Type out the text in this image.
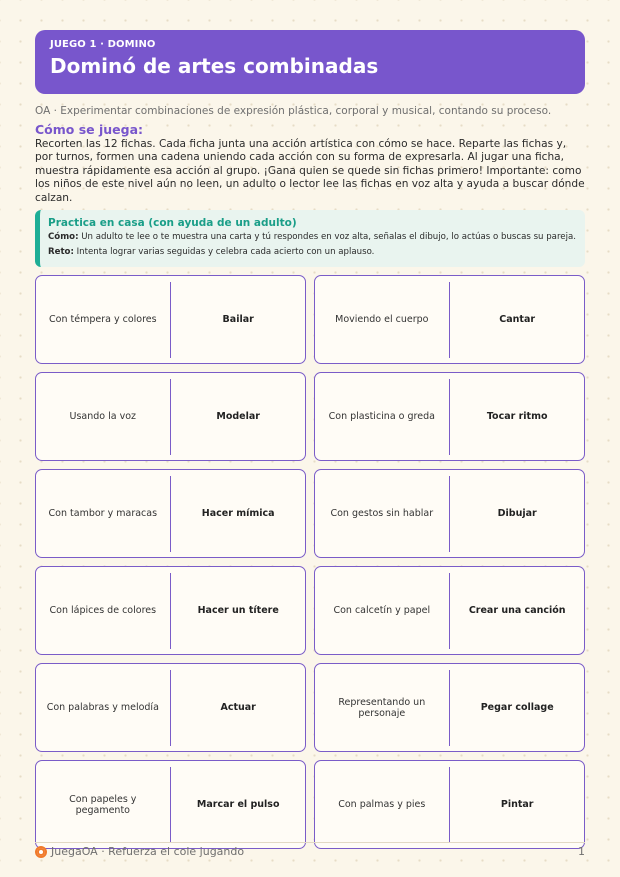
JUEGO 1 · DOMINO
Dominó de artes combinadas
OA · Experimentar combinaciones de expresión plástica, corporal y musical, contando su proceso.
Cómo se juega:
Recorten las 12 fichas. Cada ficha junta una acción artística con cómo se hace. Reparte las fichas y, por turnos, formen una cadena uniendo cada acción con su forma de expresarla. Al jugar una ficha, muestra rápidamente esa acción al grupo. ¡Gana quien se quede sin fichas primero! Importante: como los niños de este nivel aún no leen, un adulto o lector lee las fichas en voz alta y ayuda a buscar dónde calzan.
Practica en casa (con ayuda de un adulto)
Cómo: Un adulto te lee o te muestra una carta y tú respondes en voz alta, señalas el dibujo, lo actúas o buscas su pareja.
Reto: Intenta lograr varias seguidas y celebra cada acierto con un aplauso.
Con témpera y colores	Bailar	Moviendo el cuerpo	Cantar
Usando la voz	Modelar	Con plasticina o greda	Tocar ritmo
Con tambor y maracas	Hacer mímica	Con gestos sin hablar	Dibujar
Con lápices de colores	Hacer un títere	Con calcetín y papel	Crear una canción
Con palabras y melodía	Actuar	Representando un personaje	Pegar collage
Con papeles y pegamento	Marcar el pulso	Con palmas y pies	Pintar
JuegaOA · Refuerza el cole jugando	1
